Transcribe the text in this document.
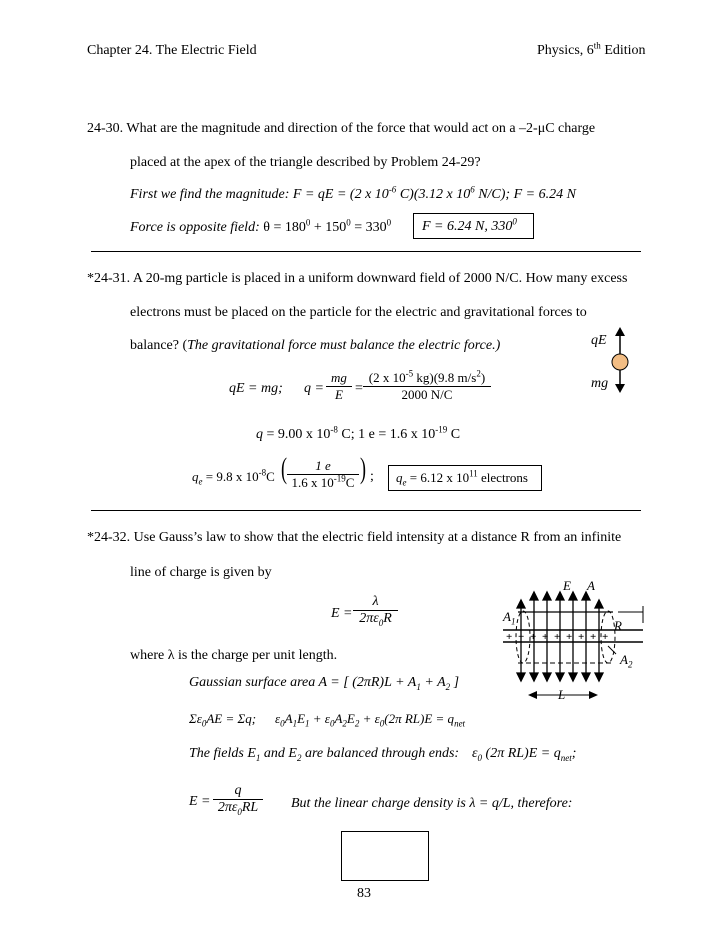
Chapter 24. The Electric Field	Physics, 6th Edition
24-30. What are the magnitude and direction of the force that would act on a –2-μC charge
placed at the apex of the triangle described by Problem 24-29?
First we find the magnitude: F = qE = (2 x $10^{-6}$ C)(3.12 x $10^6$ N/C); F = 6.24 N
Force is opposite field: $\theta = 180^0 + 150^0 = 330^0$ F = 6.24 N, $330^0$
*24-31. A 20-mg particle is placed in a uniform downward field of 2000 N/C. How many excess
electrons must be placed on the particle for the electric and gravitational forces to
balance? (The gravitational force must balance the electric force.)	qE
mg
qE = mg; $q = \frac{mg}{E} = \frac{(2 x 10^{-5} kg)(9.8 m/s^2)}{2000 N/C}$
q = 9.00 x $10^{-8}$ C; 1 e = 1.6 x $10^{-19}$ C
$q_e = 9.8$ x $10^{-8}C$ ( $\frac{1 e}{1.6 x 10^{-19}C}$ ) ; $q_e = 6.12$ x $10^{11}$ electrons
*24-32. Use Gauss’s law to show that the electric field intensity at a distance R from an infinite
line of charge is given by
$E = \frac{\lambda}{2\pi\varepsilon_0R}$
where λ is the charge per unit length.
+ + + + + + + + +
E A
$A_1$	R
$A_2$
L
Gaussian surface area A = [ $(2\pi R)L + A_1 + A_2$ ]
$\Sigma\varepsilon_0AE = \Sigma q$; $\varepsilon_0A_1E_1 + \varepsilon_0A_2E_2 + \varepsilon_0(2\pi$ $RL)E = q_{net}$
The fields $E_1$ and $E_2$ are balanced through ends: $\varepsilon_0$ (2π $RL)E = q_{net}$;
$E = \frac{q}{2\pi\varepsilon_0RL}$ But the linear charge density is λ = q/L, therefore:
83
